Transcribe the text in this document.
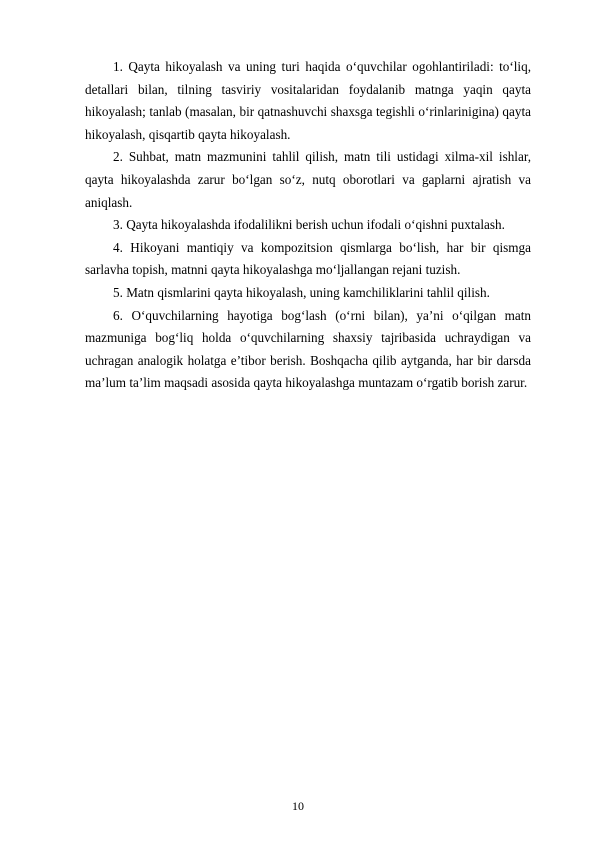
1. Qayta hikoyalash va uning turi haqida o‘quvchilar ogohlantiriladi: to‘liq, detallari bilan, tilning tasviriy vositalaridan foydalanib matnga yaqin qayta hikoyalash; tanlab (masalan, bir qatnashuvchi shaxsga tegishli o‘rinlarinigina) qayta hikoyalash, qisqartib qayta hikoyalash.

2. Suhbat, matn mazmunini tahlil qilish, matn tili ustidagi xilma-xil ishlar, qayta hikoyalashda zarur bo‘lgan so‘z, nutq oborotlari va gaplarni ajratish va aniqlash.

3. Qayta hikoyalashda ifodalilikni berish uchun ifodali o‘qishni puxtalash.

4. Hikoyani mantiqiy va kompozitsion qismlarga bo‘lish, har bir qismga sarlavha topish, matnni qayta hikoyalashga mo‘ljallangan rejani tuzish.

5. Matn qismlarini qayta hikoyalash, uning kamchiliklarini tahlil qilish.

6. O‘quvchilarning hayotiga bog‘lash (o‘rni bilan), ya’ni o‘qilgan matn mazmuniga bog‘liq holda o‘quvchilarning shaxsiy tajribasida uchraydigan va uchragan analogik holatga e’tibor berish. Boshqacha qilib aytganda, har bir darsda ma’lum ta’lim maqsadi asosida qayta hikoyalashga muntazam o‘rgatib borish zarur.

10
